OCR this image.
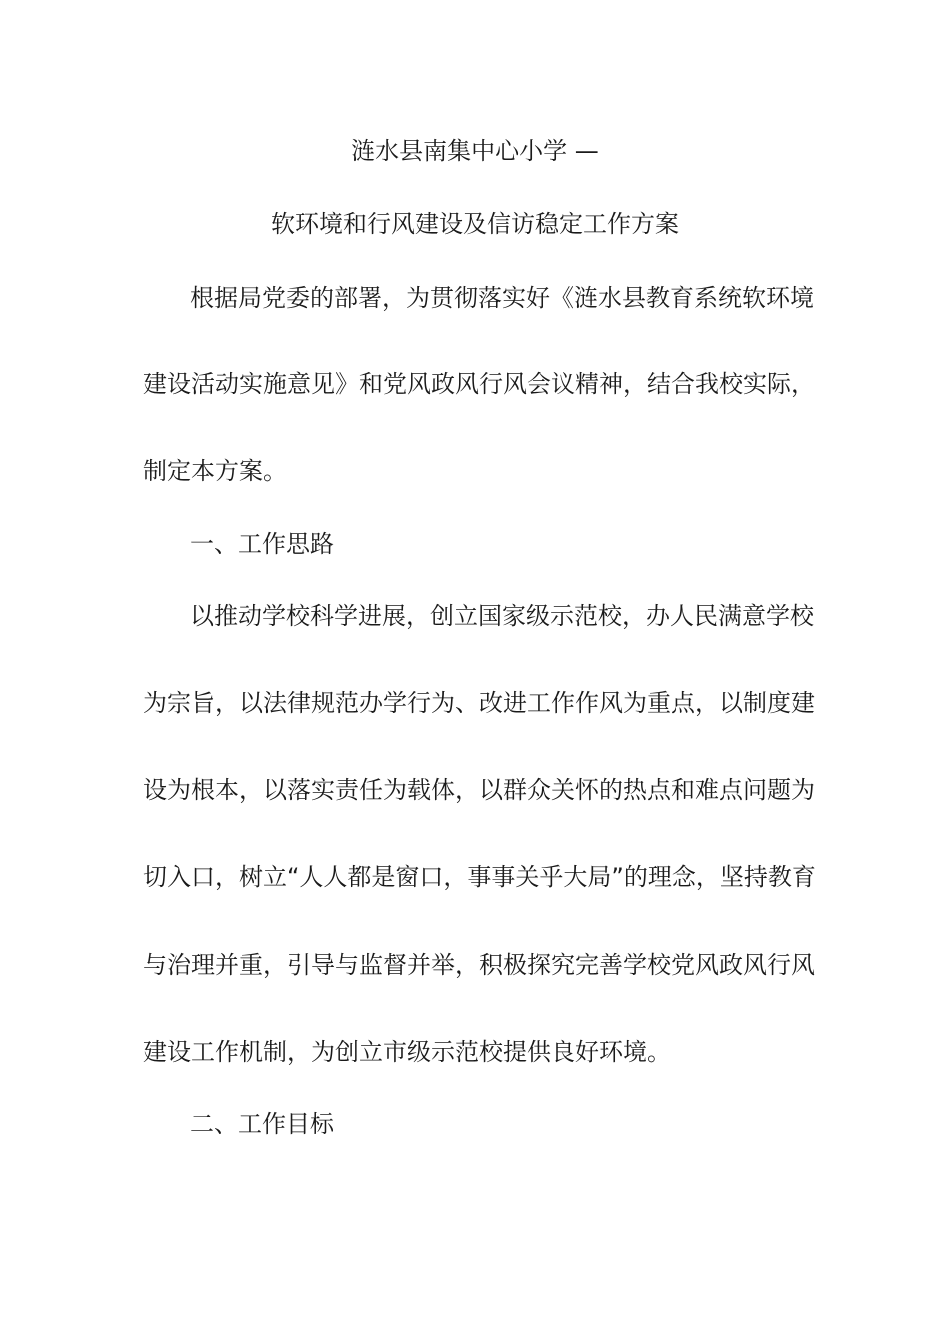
涟水县南集中心小学 —
软环境和行风建设及信访稳定工作方案
根据局党委的部署，为贯彻落实好《涟水县教育系统软环境
建设活动实施意见》和党风政风行风会议精神，结合我校实际，
制定本方案。
一、工作思路
以推动学校科学进展，创立国家级示范校，办人民满意学校
为宗旨，以法律规范办学行为、改进工作作风为重点，以制度建
设为根本，以落实责任为载体，以群众关怀的热点和难点问题为
切入口，树立“人人都是窗口，事事关乎大局”的理念，坚持教育
与治理并重，引导与监督并举，积极探究完善学校党风政风行风
建设工作机制，为创立市级示范校提供良好环境。
二、工作目标
